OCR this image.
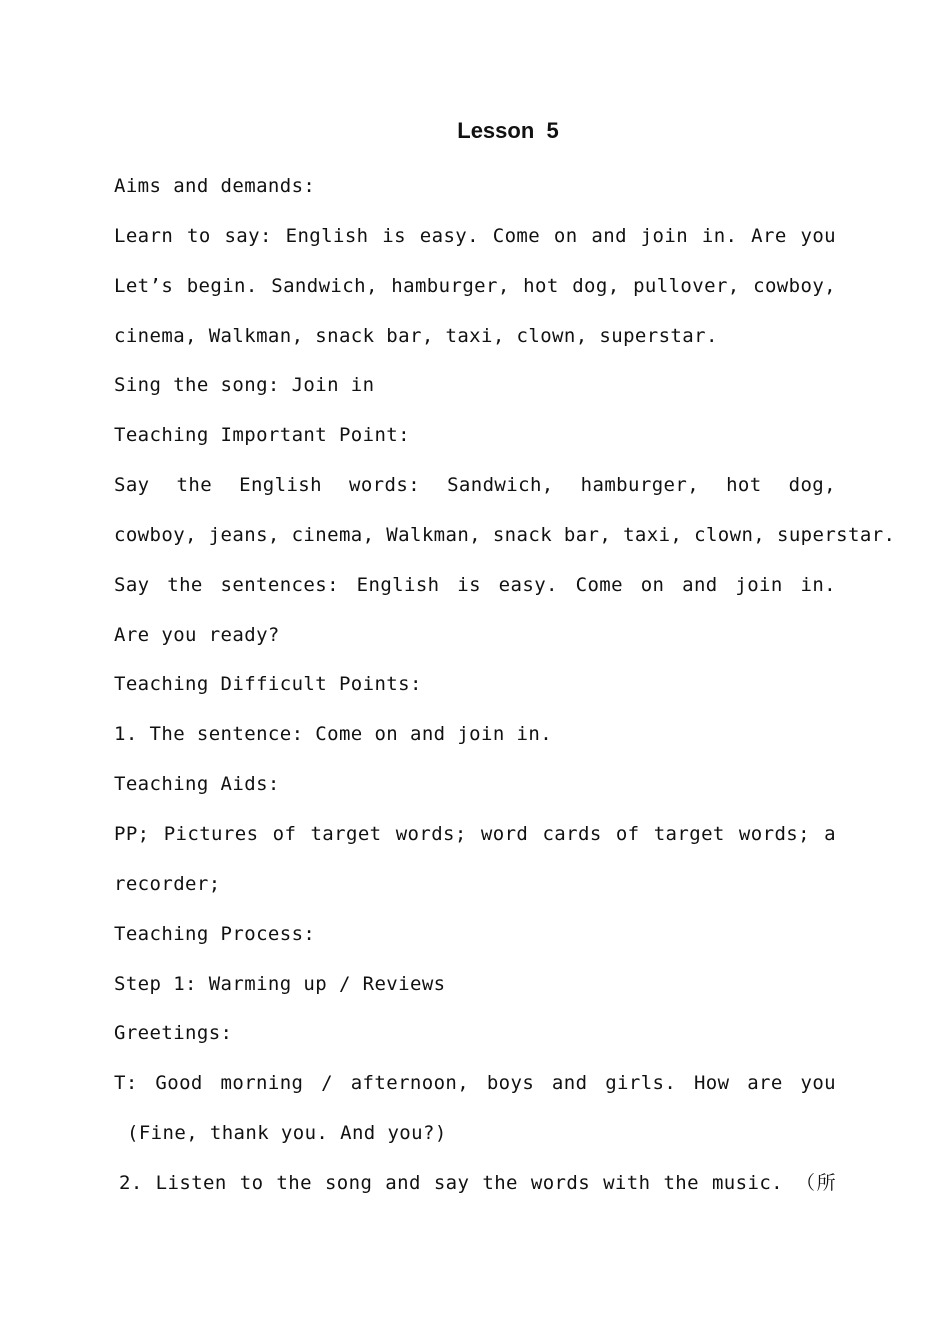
Lesson  5
Aims and demands:
Learn to say: English is easy. Come on and join in. Are you
Let’s begin. Sandwich, hamburger, hot dog, pullover, cowboy,
cinema, Walkman, snack bar, taxi, clown, superstar.
Sing the song: Join in
Teaching Important Point:
Say the English words: Sandwich, hamburger, hot dog,
cowboy, jeans, cinema, Walkman, snack bar, taxi, clown, superstar.
Say the sentences: English is easy. Come on and join in.
Are you ready?
Teaching Difficult Points:
1. The sentence: Come on and join in.
Teaching Aids:
PP; Pictures of target words; word cards of target words; a
recorder;
Teaching Process:
Step 1: Warming up / Reviews
Greetings:
T: Good morning / afternoon, boys and girls. How are you
(Fine, thank you. And you?)
2. Listen to the song and say the words with the music. （所
